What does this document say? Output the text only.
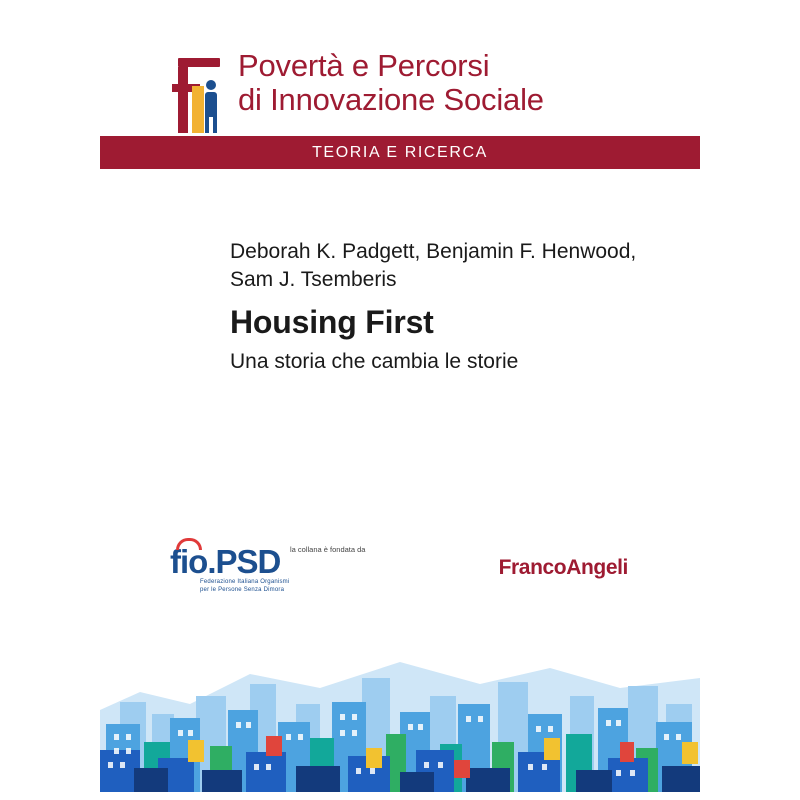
Povertà e Percorsi
di Innovazione Sociale
TEORIA E RICERCA
Deborah K. Padgett, Benjamin F. Henwood,
Sam J. Tsemberis
Housing First
Una storia che cambia le storie
fio.PSD la collana è fondata da
Federazione Italiana Organismi
per le Persone Senza Dimora
FrancoAngeli
